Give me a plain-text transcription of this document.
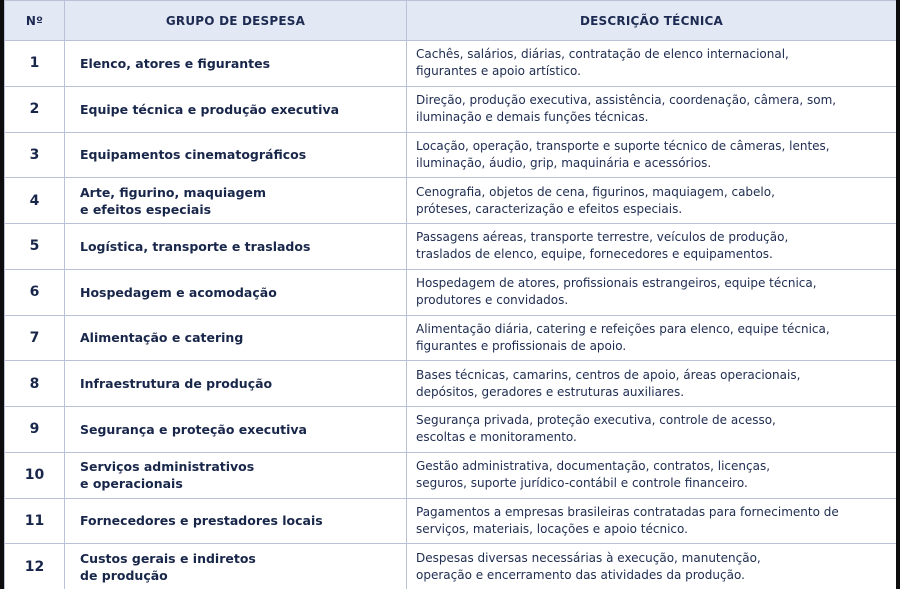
Nº	GRUPO DE DESPESA	DESCRIÇÃO TÉCNICA
1	Elenco, atores e figurantes	Cachês, salários, diárias, contratação de elenco internacional,
figurantes e apoio artístico.

2	Equipe técnica e produção executiva	Direção, produção executiva, assistência, coordenação, câmera, som,
iluminação e demais funções técnicas.

3	Equipamentos cinematográficos	Locação, operação, transporte e suporte técnico de câmeras, lentes,
iluminação, áudio, grip, maquinária e acessórios.

4	Arte, figurino, maquiagem
e efeitos especiais	Cenografia, objetos de cena, figurinos, maquiagem, cabelo,
próteses, caracterização e efeitos especiais.

5	Logística, transporte e traslados	Passagens aéreas, transporte terrestre, veículos de produção,
traslados de elenco, equipe, fornecedores e equipamentos.

6	Hospedagem e acomodação	Hospedagem de atores, profissionais estrangeiros, equipe técnica,
produtores e convidados.

7	Alimentação e catering	Alimentação diária, catering e refeições para elenco, equipe técnica,
figurantes e profissionais de apoio.

8	Infraestrutura de produção	Bases técnicas, camarins, centros de apoio, áreas operacionais,
depósitos, geradores e estruturas auxiliares.

9	Segurança e proteção executiva	Segurança privada, proteção executiva, controle de acesso,
escoltas e monitoramento.

10	Serviços administrativos
e operacionais	Gestão administrativa, documentação, contratos, licenças,
seguros, suporte jurídico-contábil e controle financeiro.

11	Fornecedores e prestadores locais	Pagamentos a empresas brasileiras contratadas para fornecimento de
serviços, materiais, locações e apoio técnico.

12	Custos gerais e indiretos
de produção	Despesas diversas necessárias à execução, manutenção,
operação e encerramento das atividades da produção.
